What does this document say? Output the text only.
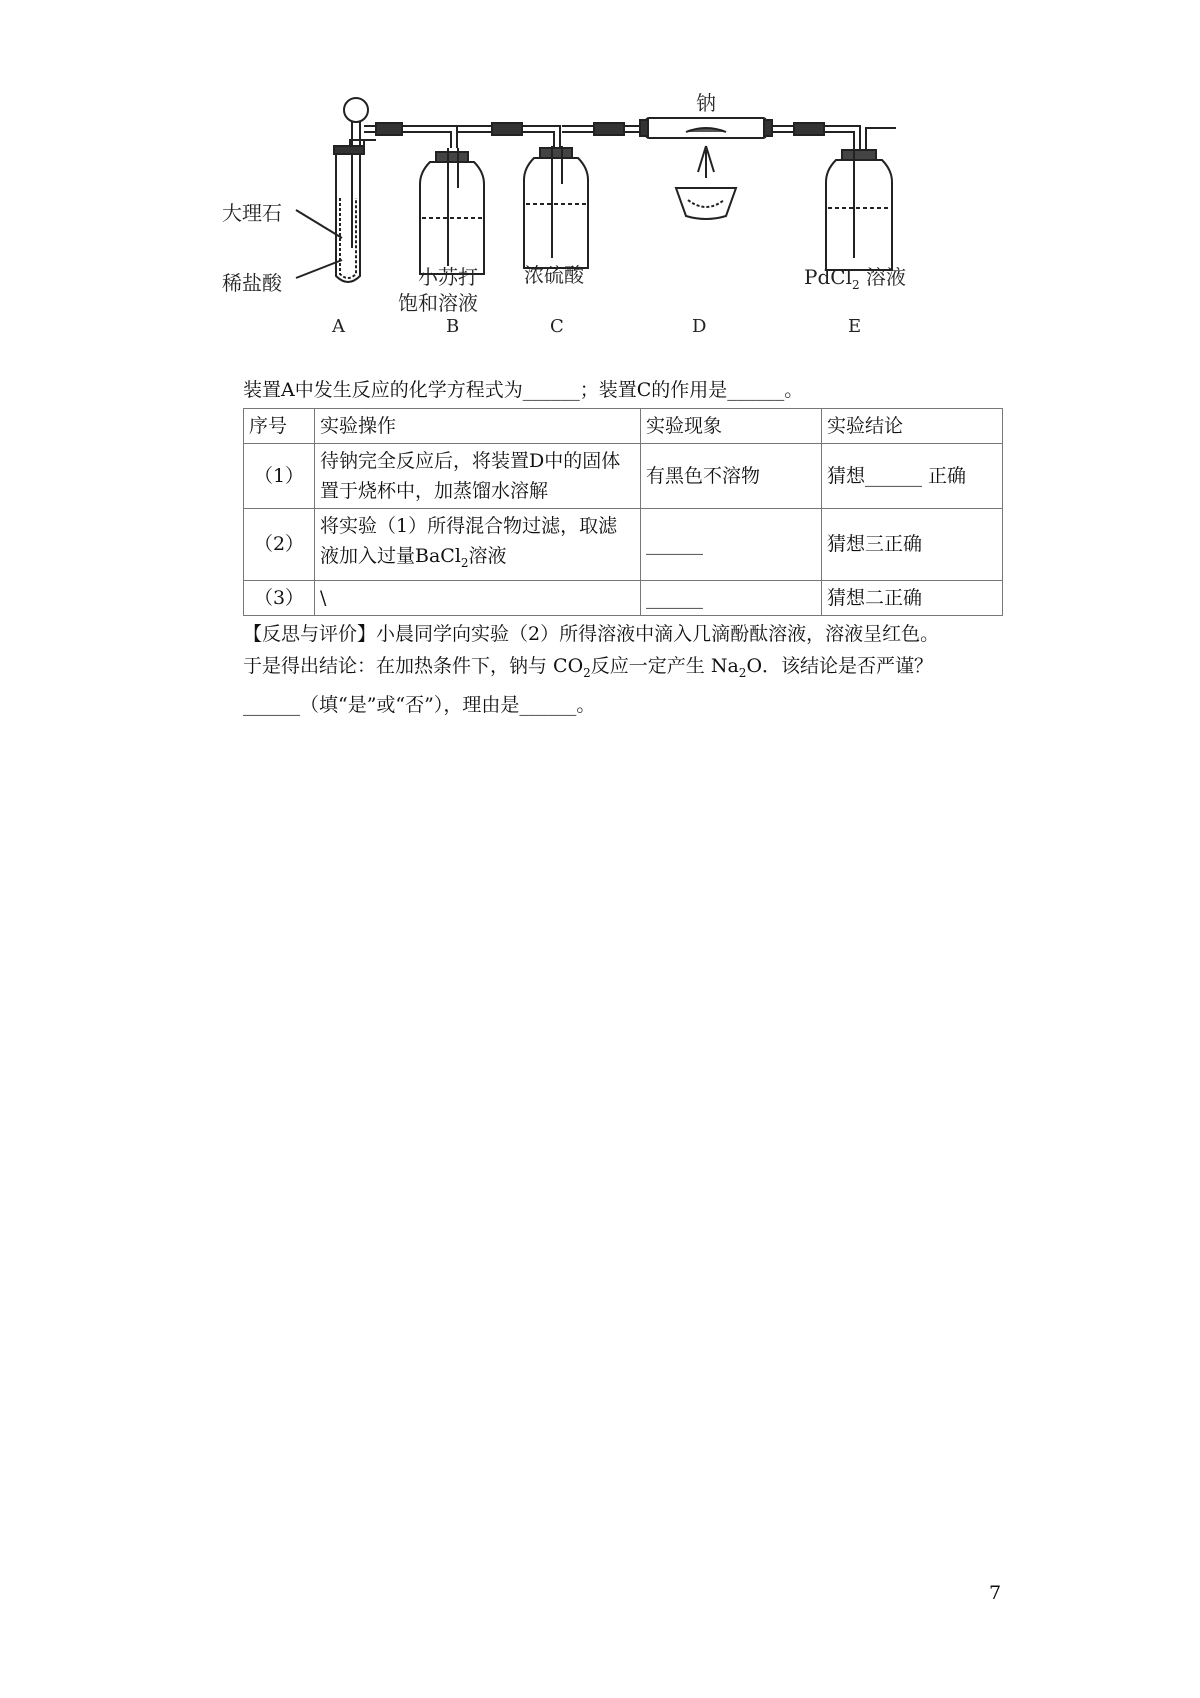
钠
大理石
稀盐酸	小苏打
饱和溶液
浓硫酸	PdCl$_2$ 溶液
A	B	C	D	E
装置A中发生反应的化学方程式为______；装置C的作用是______。
序号	实验操作	实验现象	实验结论
（1）	待钠完全反应后，将装置D中的固体置于烧杯中，加蒸馏水溶解	有黑色不溶物	猜想______ 正确
（2）	将实验（1）所得混合物过滤，取滤液加入过量BaCl$_2$溶液	______	猜想三正确
（3）	\	______	猜想二正确

【反思与评价】小晨同学向实验（2）所得溶液中滴入几滴酚酞溶液，溶液呈红色。

于是得出结论：在加热条件下，钠与 $CO_2$反应一定产生 $Na_2O$．该结论是否严谨？

______（填“是”或“否”），理由是______。

7
